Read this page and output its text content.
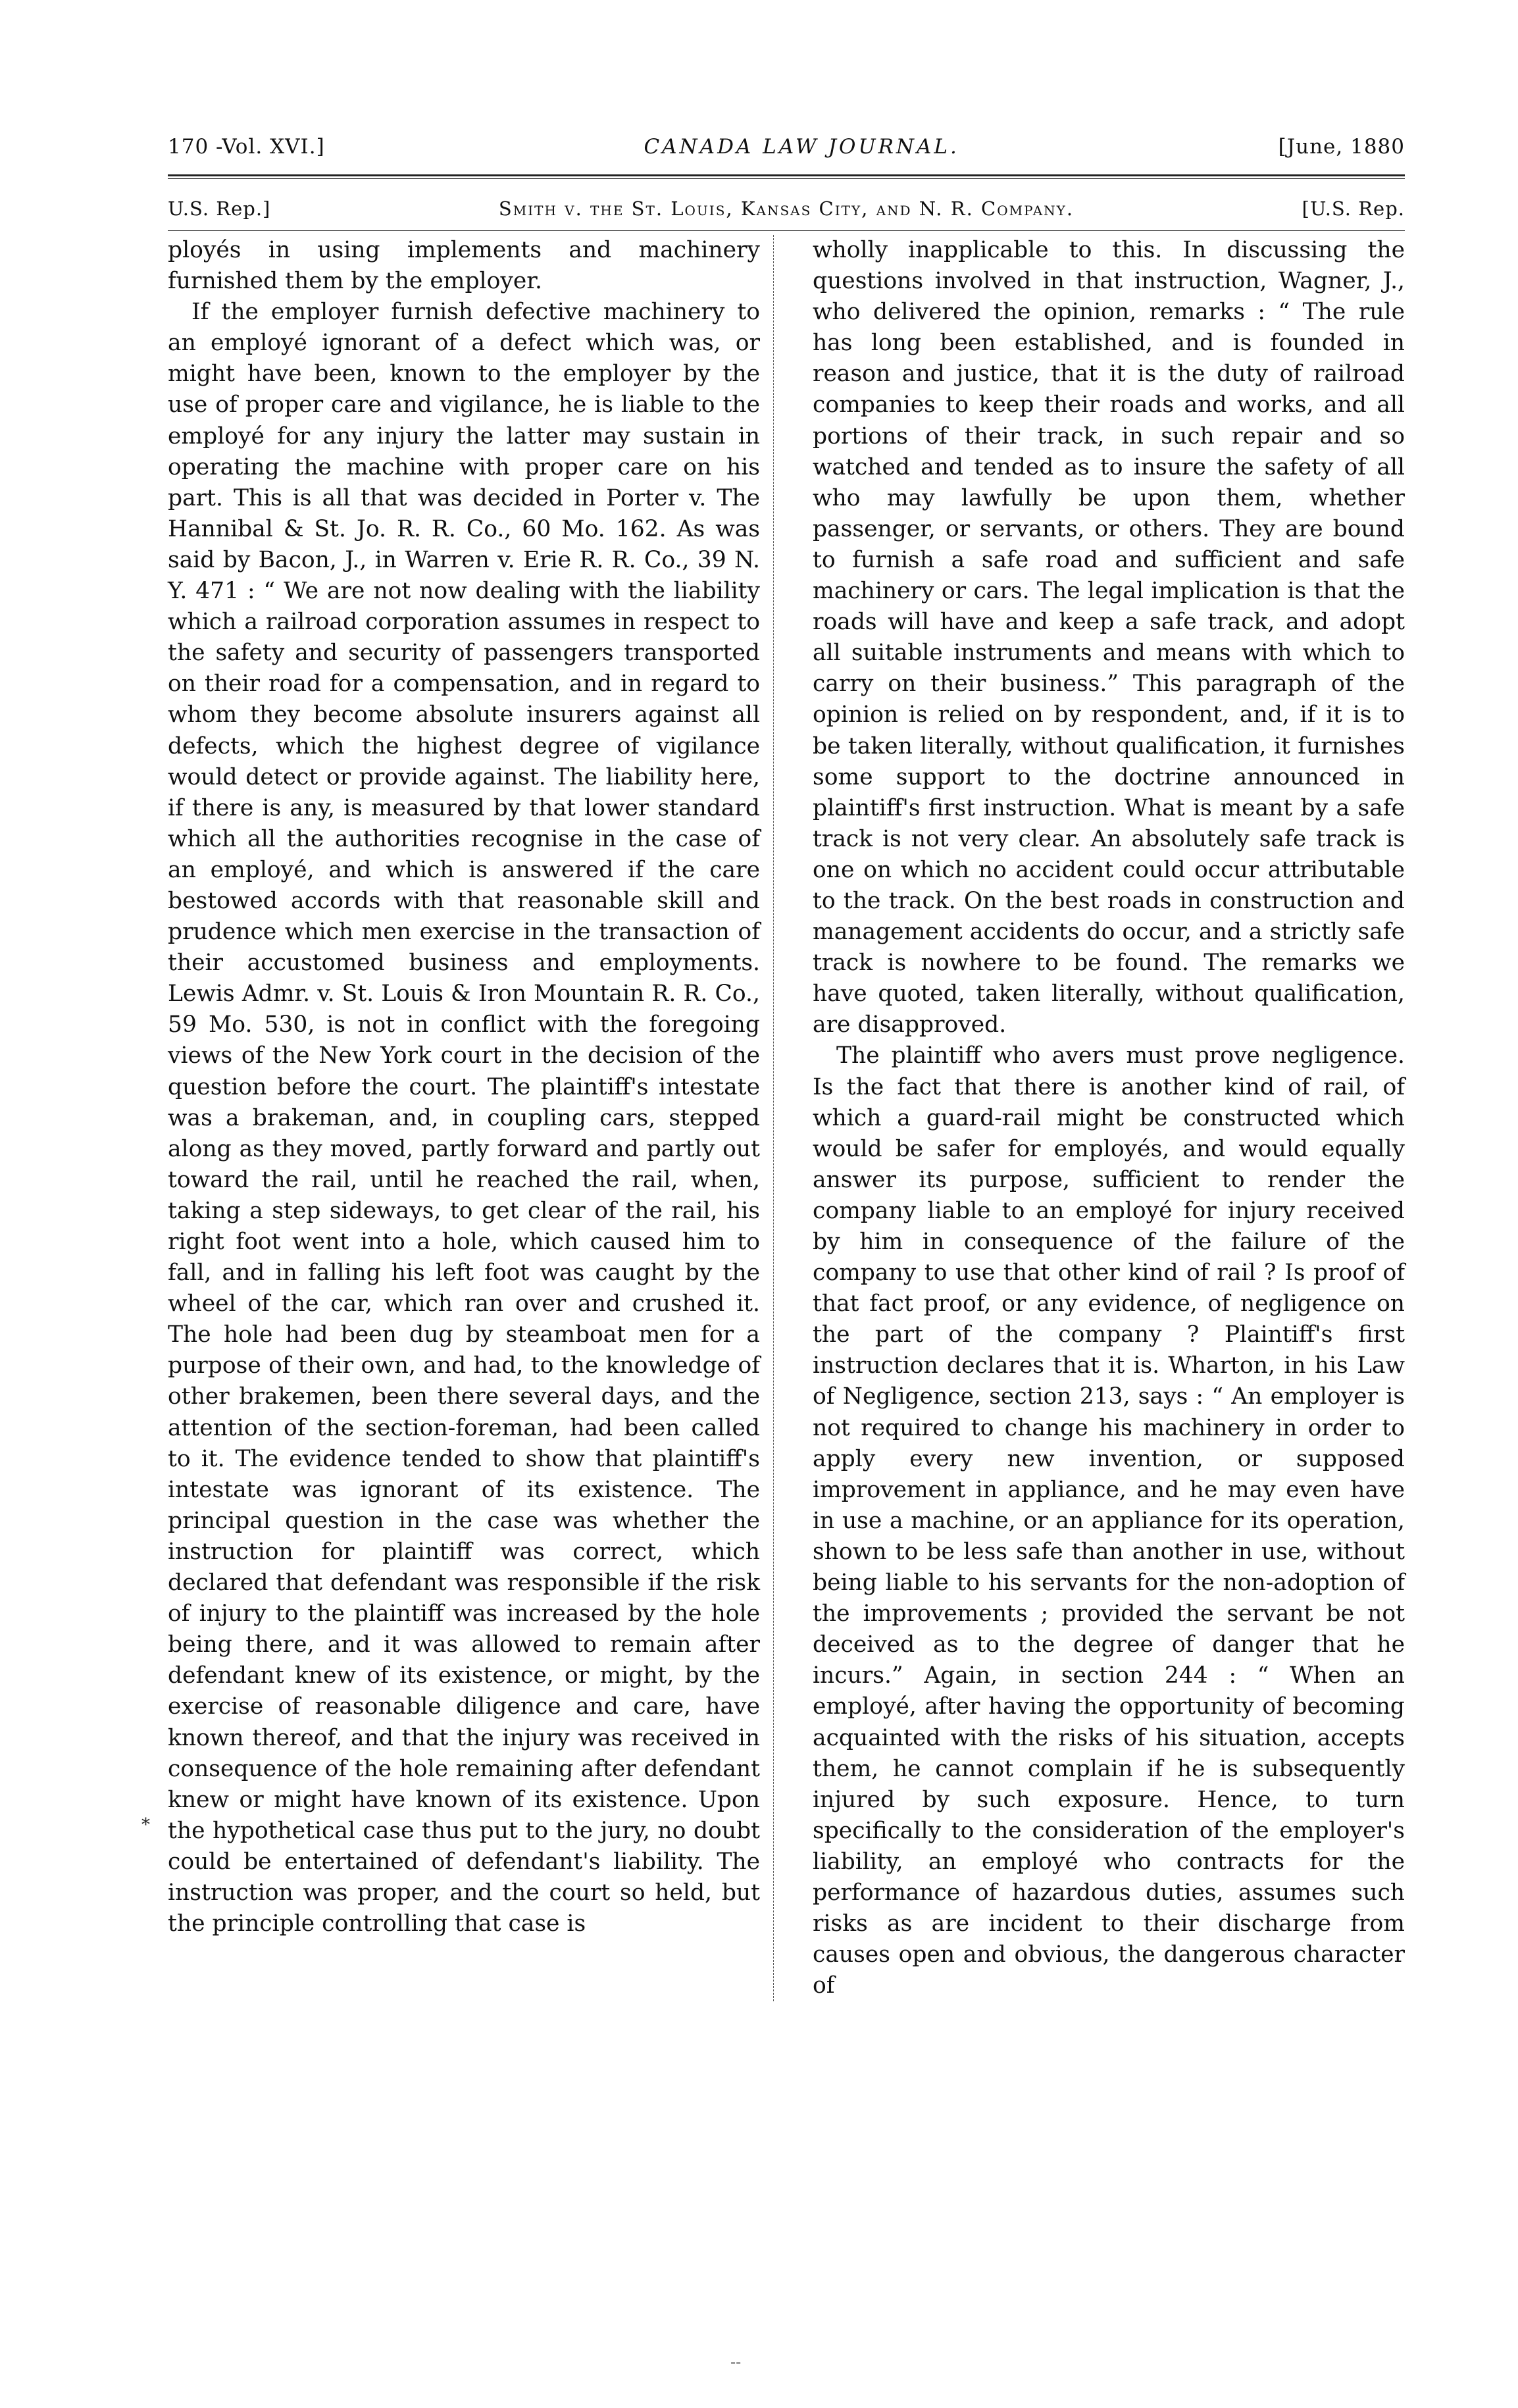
170 -Vol. XVI.]	CANADA LAW JOURNAL.	[June, 1880
U.S. Rep.]	Smith v. the St. Louis, Kansas City, and N. R. Company.	[U.S. Rep.

ployés in using implements and machinery furnished them by the employer.

If the employer furnish defective machinery to an employé ignorant of a defect which was, or might have been, known to the employer by the use of proper care and vigilance, he is liable to the employé for any injury the latter may sustain in operating the machine with proper care on his part. This is all that was decided in Porter v. The Hannibal & St. Jo. R. R. Co., 60 Mo. 162. As was said by Bacon, J., in Warren v. Erie R. R. Co., 39 N. Y. 471 : “ We are not now dealing with the liability which a railroad corporation assumes in respect to the safety and security of passengers transported on their road for a compensation, and in regard to whom they become absolute insurers against all defects, which the highest degree of vigilance would detect or provide against. The liability here, if there is any, is measured by that lower standard which all the authorities recognise in the case of an employé, and which is answered if the care bestowed accords with that reasonable skill and prudence which men exercise in the transaction of their accustomed business and employments. Lewis Admr. v. St. Louis & Iron Mountain R. R. Co., 59 Mo. 530, is not in conflict with the foregoing views of the New York court in the decision of the question before the court. The plaintiff's intestate was a brakeman, and, in coupling cars, stepped along as they moved, partly forward and partly out toward the rail, until he reached the rail, when, taking a step sideways, to get clear of the rail, his right foot went into a hole, which caused him to fall, and in falling his left foot was caught by the wheel of the car, which ran over and crushed it. The hole had been dug by steamboat men for a purpose of their own, and had, to the knowledge of other brakemen, been there several days, and the attention of the section-foreman, had been called to it. The evidence tended to show that plaintiff's intestate was ignorant of its existence. The principal question in the case was whether the instruction for plaintiff was correct, which declared that defendant was responsible if the risk of injury to the plaintiff was increased by the hole being there, and it was allowed to remain after defendant knew of its existence, or might, by the exercise of reasonable diligence and care, have known thereof, and that the injury was received in consequence of the hole remaining after defendant knew or might have known of its existence. Upon the hypothetical case thus put to the jury, no doubt could be entertained of defendant's liability. The instruction was proper, and the court so held, but the principle controlling that case is

wholly inapplicable to this. In discussing the questions involved in that instruction, Wagner, J., who delivered the opinion, remarks : “ The rule has long been established, and is founded in reason and justice, that it is the duty of railroad companies to keep their roads and works, and all portions of their track, in such repair and so watched and tended as to insure the safety of all who may lawfully be upon them, whether passenger, or servants, or others. They are bound to furnish a safe road and sufficient and safe machinery or cars. The legal implication is that the roads will have and keep a safe track, and adopt all suitable instruments and means with which to carry on their business.” This paragraph of the opinion is relied on by respondent, and, if it is to be taken literally, without qualification, it furnishes some support to the doctrine announced in plaintiff's first instruction. What is meant by a safe track is not very clear. An absolutely safe track is one on which no accident could occur attributable to the track. On the best roads in construction and management accidents do occur, and a strictly safe track is nowhere to be found. The remarks we have quoted, taken literally, without qualification, are disapproved.

The plaintiff who avers must prove negligence. Is the fact that there is another kind of rail, of which a guard-rail might be constructed which would be safer for employés, and would equally answer its purpose, sufficient to render the company liable to an employé for injury received by him in consequence of the failure of the company to use that other kind of rail ? Is proof of that fact proof, or any evidence, of negligence on the part of the company ? Plaintiff's first instruction declares that it is. Wharton, in his Law of Negligence, section 213, says : “ An employer is not required to change his machinery in order to apply every new invention, or supposed improvement in appliance, and he may even have in use a machine, or an appliance for its operation, shown to be less safe than another in use, without being liable to his servants for the non-adoption of the improvements ; provided the servant be not deceived as to the degree of danger that he incurs.” Again, in section 244 : “ When an employé, after having the opportunity of becoming acquainted with the risks of his situation, accepts them, he cannot complain if he is subsequently injured by such exposure. Hence, to turn specifically to the consideration of the employer's liability, an employé who contracts for the performance of hazardous duties, assumes such risks as are incident to their discharge from causes open and obvious, the dangerous character of

*
--
